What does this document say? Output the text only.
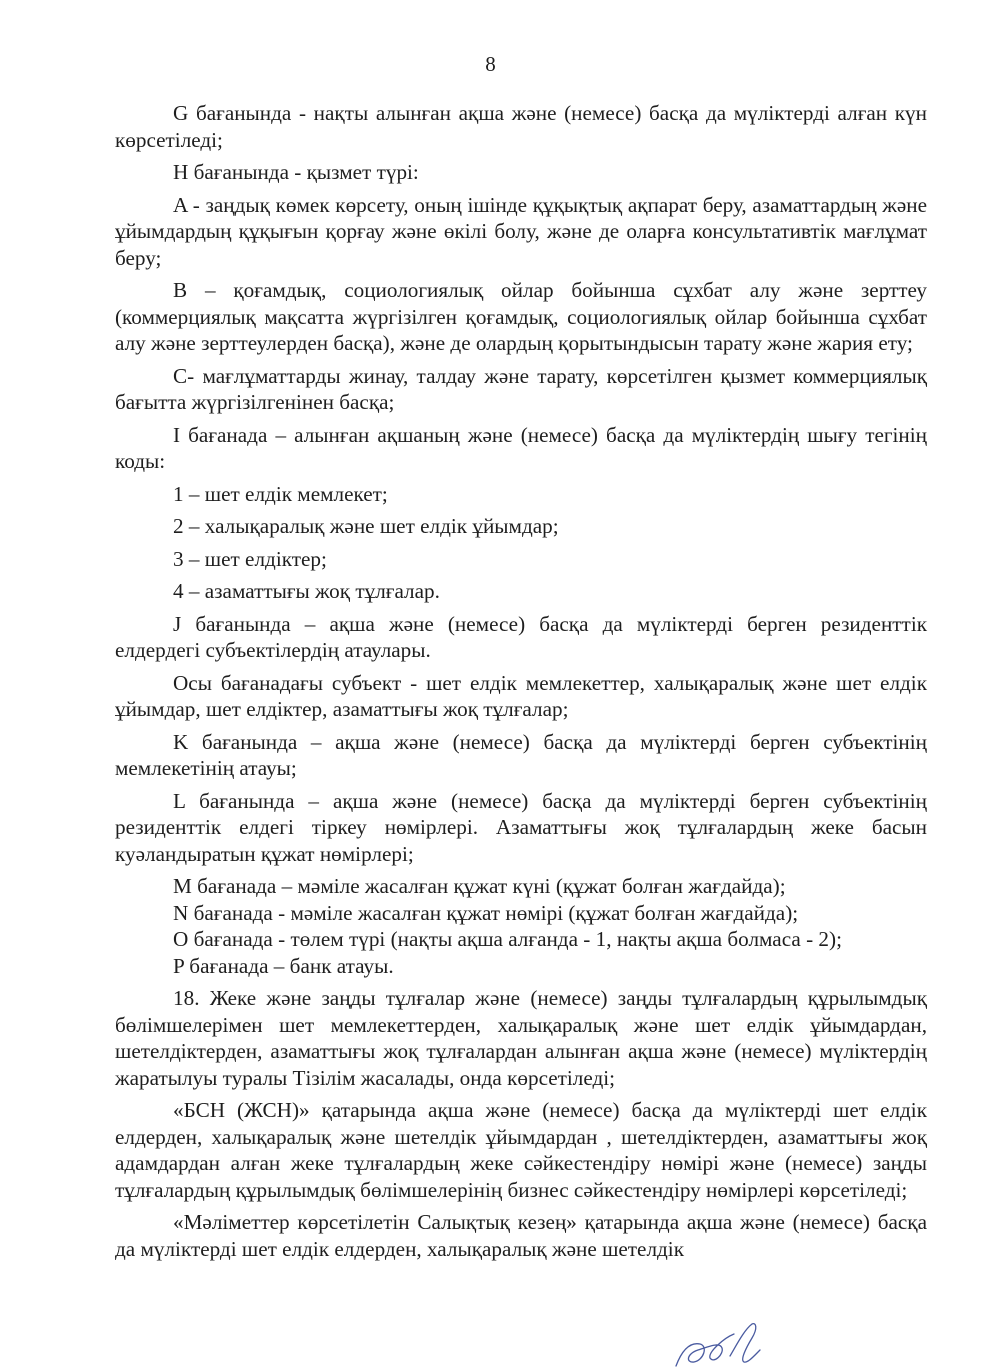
8

G бағанында - нақты алынған ақша және (немесе) басқа да мүліктерді алған күн көрсетіледі;

H бағанында - қызмет түрі:

A - заңдық көмек көрсету, оның ішінде құқықтық ақпарат беру, азаматтардың және ұйымдардың құқығын қорғау және өкілі болу, және де оларға консультативтік мағлұмат беру;

B – қоғамдық, социологиялық ойлар бойынша сұхбат алу және зерттеу (коммерциялық мақсатта жүргізілген қоғамдық, социологиялық ойлар бойынша сұхбат алу және зерттеулерден басқа), және де олардың қорытындысын тарату және жария ету;

C- мағлұматтарды жинау, талдау және тарату, көрсетілген қызмет коммерциялық бағытта жүргізілгенінен басқа;

I бағанада – алынған ақшаның және (немесе) басқа да мүліктердің шығу тегінің коды:

1 – шет елдік мемлекет;

2 – халықаралық және шет елдік ұйымдар;

3 – шет елдіктер;

4 – азаматтығы жоқ тұлғалар.

J бағанында – ақша және (немесе) басқа да мүліктерді берген резиденттік елдердегі субъектілердің атаулары.

Осы бағанадағы субъект - шет елдік мемлекеттер, халықаралық және шет елдік ұйымдар, шет елдіктер, азаматтығы жоқ тұлғалар;

K бағанында – ақша және (немесе) басқа да мүліктерді берген субъектінің мемлекетінің атауы;

L бағанында – ақша және (немесе) басқа да мүліктерді берген субъектінің резиденттік елдегі тіркеу нөмірлері. Азаматтығы жоқ тұлғалардың жеке басын куәландыратын құжат нөмірлері;

M бағанада – мәміле жасалған құжат күні (құжат болған жағдайда);

N бағанада - мәміле жасалған құжат нөмірі (құжат болған жағдайда);

O бағанада - төлем түрі (нақты ақша алғанда - 1, нақты ақша болмаса - 2);

P бағанада – банк атауы.

18. Жеке және заңды тұлғалар және (немесе) заңды тұлғалардың құрылымдық бөлімшелерімен шет мемлекеттерден, халықаралық және шет елдік ұйымдардан, шетелдіктерден, азаматтығы жоқ тұлғалардан алынған ақша және (немесе) мүліктердің жаратылуы туралы Тізілім жасалады, онда көрсетіледі;

«БСН (ЖСН)» қатарында ақша және (немесе) басқа да мүліктерді шет елдік елдерден, халықаралық және шетелдік ұйымдардан , шетелдіктерден, азаматтығы жоқ адамдардан алған жеке тұлғалардың жеке сәйкестендіру нөмірі және (немесе) заңды тұлғалардың құрылымдық бөлімшелерінің бизнес сәйкестендіру нөмірлері көрсетіледі;

«Мәліметтер көрсетілетін Салықтық кезең» қатарында ақша және (немесе) басқа да мүліктерді шет елдік елдерден, халықаралық және шетелдік
